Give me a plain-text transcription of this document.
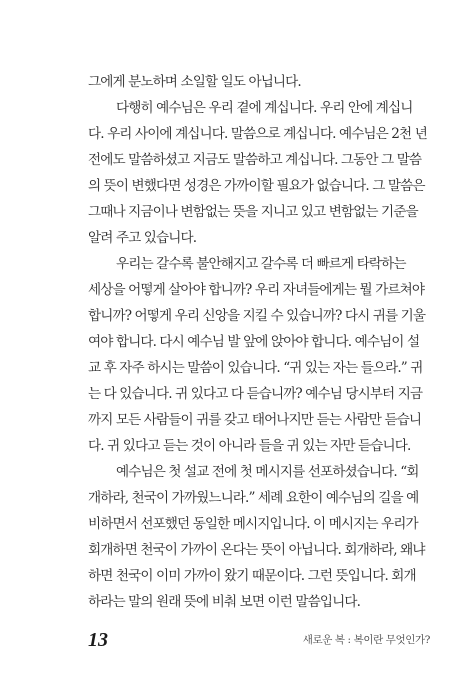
그에게 분노하며 소일할 일도 아닙니다.
다행히 예수님은 우리 곁에 계십니다. 우리 안에 계십니
다. 우리 사이에 계십니다. 말씀으로 계십니다. 예수님은 2천 년
전에도 말씀하셨고 지금도 말씀하고 계십니다. 그동안 그 말씀
의 뜻이 변했다면 성경은 가까이할 필요가 없습니다. 그 말씀은
그때나 지금이나 변함없는 뜻을 지니고 있고 변함없는 기준을
알려 주고 있습니다.
우리는 갈수록 불안해지고 갈수록 더 빠르게 타락하는
세상을 어떻게 살아야 합니까? 우리 자녀들에게는 뭘 가르쳐야
합니까? 어떻게 우리 신앙을 지킬 수 있습니까? 다시 귀를 기울
여야 합니다. 다시 예수님 발 앞에 앉아야 합니다. 예수님이 설
교 후 자주 하시는 말씀이 있습니다. “귀 있는 자는 들으라.” 귀
는 다 있습니다. 귀 있다고 다 듣습니까? 예수님 당시부터 지금
까지 모든 사람들이 귀를 갖고 태어나지만 듣는 사람만 듣습니
다. 귀 있다고 듣는 것이 아니라 들을 귀 있는 자만 듣습니다.
예수님은 첫 설교 전에 첫 메시지를 선포하셨습니다. “회
개하라, 천국이 가까웠느니라.” 세례 요한이 예수님의 길을 예
비하면서 선포했던 동일한 메시지입니다. 이 메시지는 우리가
회개하면 천국이 가까이 온다는 뜻이 아닙니다. 회개하라, 왜냐
하면 천국이 이미 가까이 왔기 때문이다. 그런 뜻입니다. 회개
하라는 말의 원래 뜻에 비춰 보면 이런 말씀입니다.
13	새로운 복 : 복이란 무엇인가?
